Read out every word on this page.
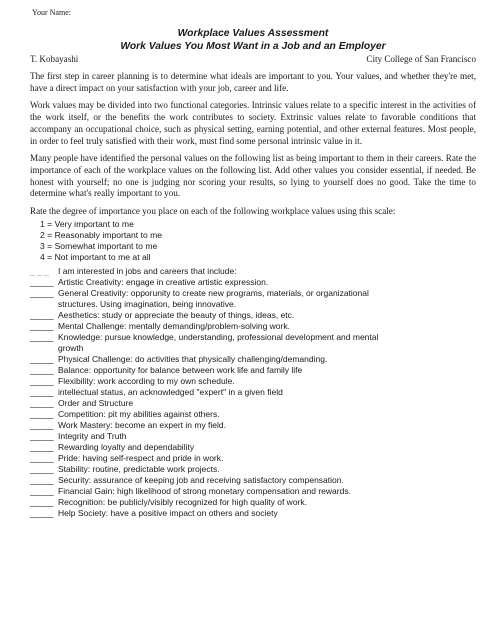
Your Name:
Workplace Values Assessment
Work Values You Most Want in a Job and an Employer
T. Kobayashi	City College of San Francisco

The first step in career planning is to determine what ideals are important to you. Your values, and whether they're met, have a direct impact on your satisfaction with your job, career and life.

Work values may be divided into two functional categories. Intrinsic values relate to a specific interest in the activities of the work itself, or the benefits the work contributes to society. Extrinsic values relate to favorable conditions that accompany an occupational choice, such as physical setting, earning potential, and other external features. Most people, in order to feel truly satisfied with their work, must find some personal intrinsic value in it.

Many people have identified the personal values on the following list as being important to them in their careers. Rate the importance of each of the workplace values on the following list. Add other values you consider essential, if needed. Be honest with yourself; no one is judging nor scoring your results, so lying to yourself does no good. Take the time to determine what's really important to you.

Rate the degree of importance you place on each of the following workplace values using this scale:

1 = Very important to me
2 = Reasonably important to me
3 = Somewhat important to me
4 = Not important to me at all
_ _ _	I am interested in jobs and careers that include:
_____ Artistic Creativity: engage in creative artistic expression.
_____ General Creativity: opporunity to create new programs, materials, or organizational
structures. Using imagination, being innovative.
_____ Aesthetics: study or appreciate the beauty of things, ideas, etc.
_____ Mental Challenge: mentally demanding/problem-solving work.
_____ Knowledge: pursue knowledge, understanding, professional development and mental
growth
_____ Physical Challenge: do activities that physically challenging/demanding.
_____ Balance: opportunity for balance between work life and family life
_____ Flexibility: work according to my own schedule.
_____ intellectual status, an acknowledged "expert" in a given field
_____ Order and Structure
_____ Competition: pit my abilities against others.
_____ Work Mastery: become an expert in my field.
_____ Integrity and Truth
_____ Rewarding loyalty and dependability
_____ Pride: having self-respect and pride in work.
_____ Stability: routine, predictable work projects.
_____ Security: assurance of keeping job and receiving satisfactory compensation.
_____ Financial Gain: high likelihood of strong monetary compensation and rewards.
_____ Recognition: be publicly/visibly recognized for high quality of work.
_____ Help Society: have a positive impact on others and society
